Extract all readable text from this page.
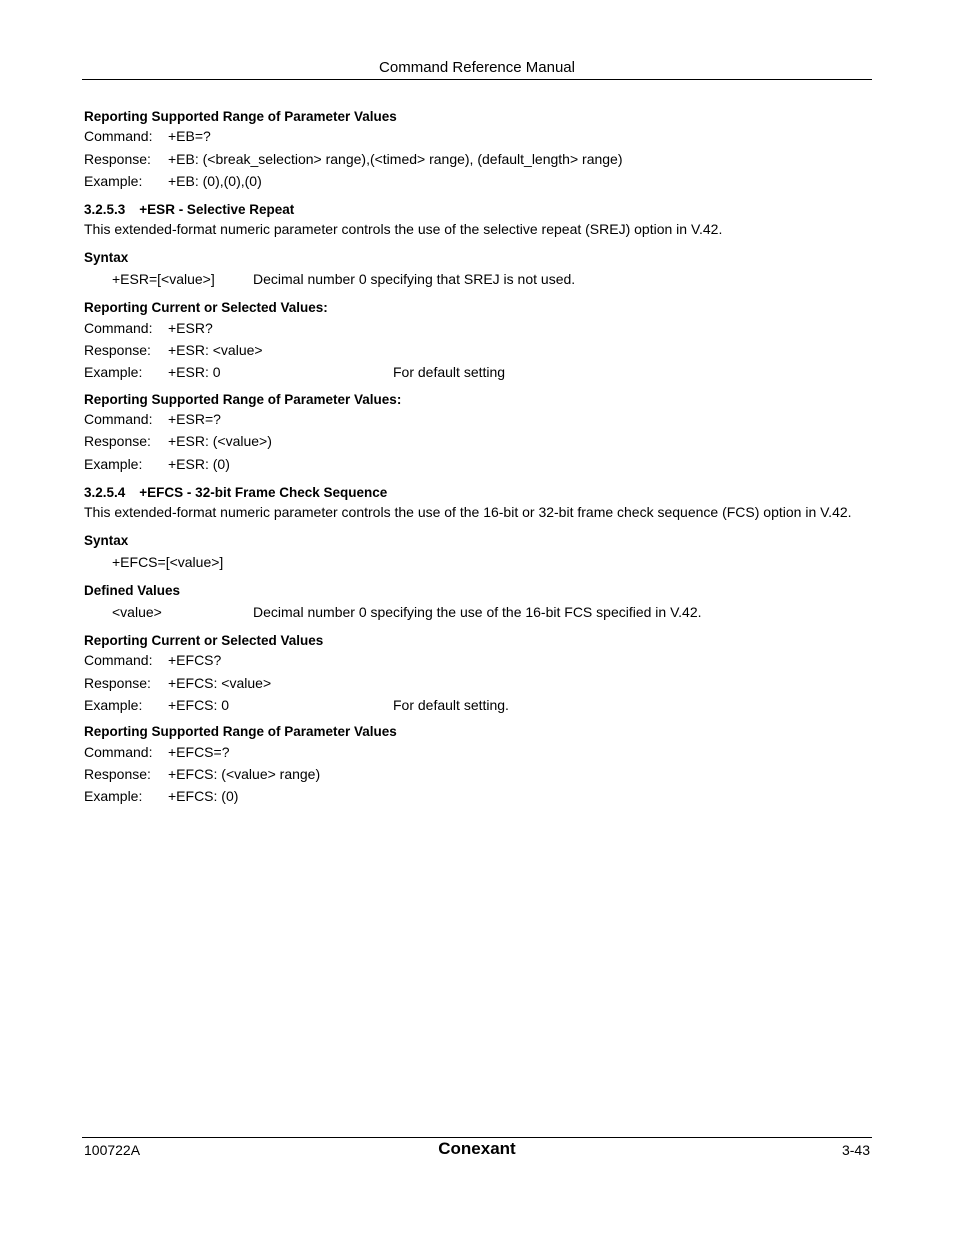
Command Reference Manual
Reporting Supported Range of Parameter Values
Command: +EB=?
Response: +EB: (<break_selection> range),(<timed> range), (default_length> range)
Example: +EB: (0),(0),(0)
3.2.5.3 +ESR - Selective Repeat
This extended-format numeric parameter controls the use of the selective repeat (SREJ) option in V.42.
Syntax
+ESR=[<value>]	Decimal number 0 specifying that SREJ is not used.
Reporting Current or Selected Values:
Command: +ESR?
Response: +ESR: <value>
Example: +ESR: 0	For default setting
Reporting Supported Range of Parameter Values:
Command: +ESR=?
Response: +ESR: (<value>)
Example: +ESR: (0)
3.2.5.4 +EFCS - 32-bit Frame Check Sequence
This extended-format numeric parameter controls the use of the 16-bit or 32-bit frame check sequence (FCS) option in V.42.
Syntax
+EFCS=[<value>]
Defined Values
<value>	Decimal number 0 specifying the use of the 16-bit FCS specified in V.42.
Reporting Current or Selected Values
Command: +EFCS?
Response: +EFCS: <value>
Example: +EFCS: 0	For default setting.
Reporting Supported Range of Parameter Values
Command: +EFCS=?
Response: +EFCS: (<value> range)
Example: +EFCS: (0)
100722A	Conexant	3-43
